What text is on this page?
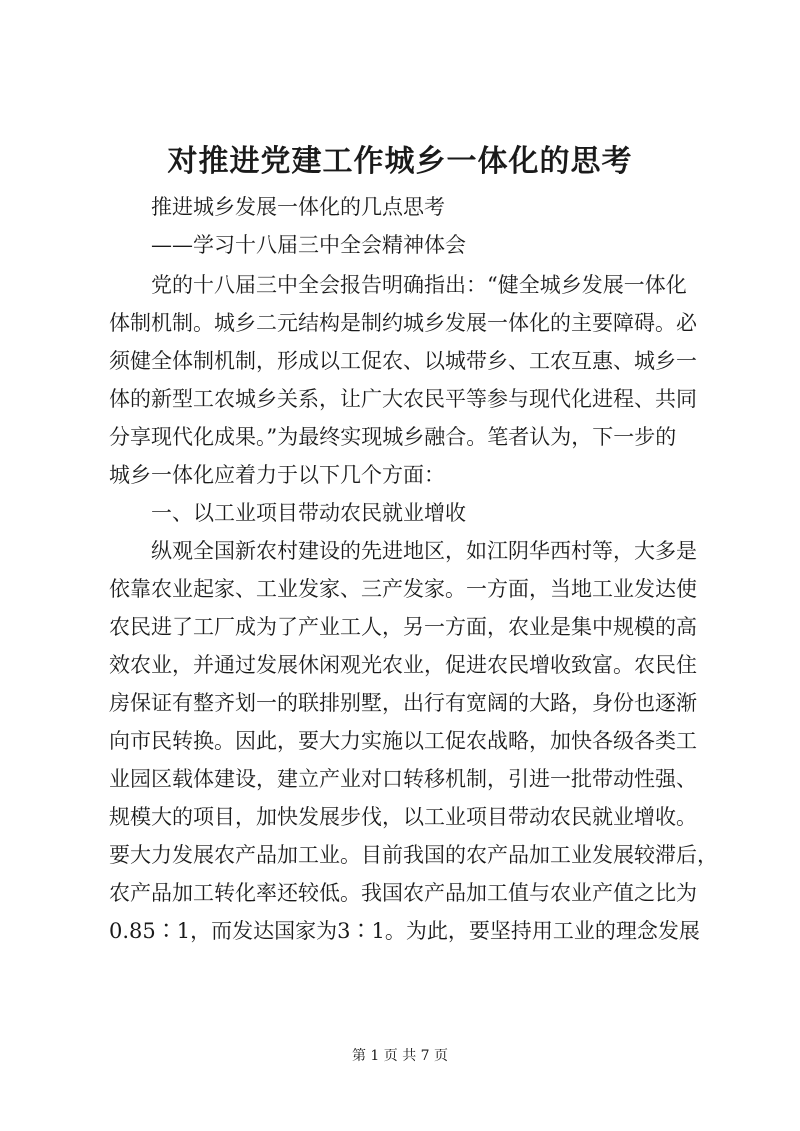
对推进党建工作城乡一体化的思考

推进城乡发展一体化的几点思考

——学习十八届三中全会精神体会

党的十八届三中全会报告明确指出：“健全城乡发展一体化

体制机制。城乡二元结构是制约城乡发展一体化的主要障碍。必

须健全体制机制，形成以工促农、以城带乡、工农互惠、城乡一

体的新型工农城乡关系，让广大农民平等参与现代化进程、共同

分享现代化成果。”为最终实现城乡融合。笔者认为，下一步的

城乡一体化应着力于以下几个方面：

一、以工业项目带动农民就业增收

纵观全国新农村建设的先进地区，如江阴华西村等，大多是

依靠农业起家、工业发家、三产发家。一方面，当地工业发达使

农民进了工厂成为了产业工人，另一方面，农业是集中规模的高

效农业，并通过发展休闲观光农业，促进农民增收致富。农民住

房保证有整齐划一的联排别墅，出行有宽阔的大路，身份也逐渐

向市民转换。因此，要大力实施以工促农战略，加快各级各类工

业园区载体建设，建立产业对口转移机制，引进一批带动性强、

规模大的项目，加快发展步伐，以工业项目带动农民就业增收。

要大力发展农产品加工业。目前我国的农产品加工业发展较滞后，

农产品加工转化率还较低。我国农产品加工值与农业产值之比为

0.85∶1，而发达国家为3∶1。为此，要坚持用工业的理念发展

第 1 页 共 7 页
